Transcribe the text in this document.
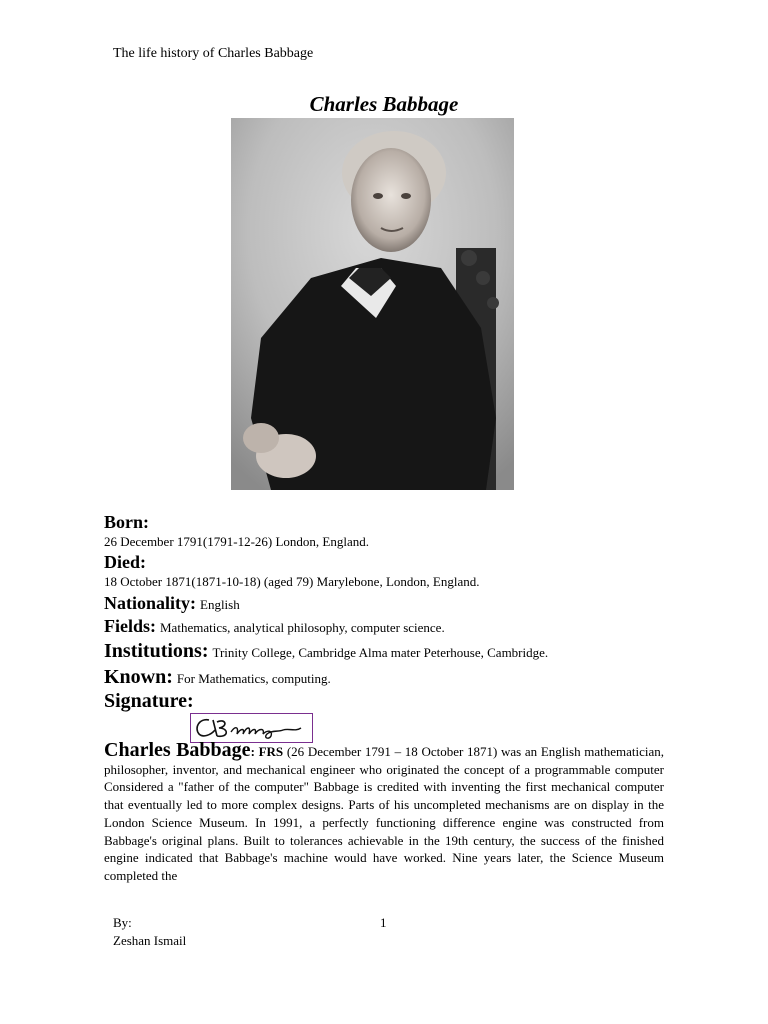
The life history of Charles Babbage
Charles Babbage
Born:
26 December 1791(1791-12-26) London, England.
Died:
18 October 1871(1871-10-18) (aged 79) Marylebone, London, England.
Nationality: English
Fields: Mathematics, analytical philosophy, computer science.
Institutions: Trinity College, Cambridge Alma mater Peterhouse, Cambridge.
Known: For Mathematics, computing.
Signature:
Charles Babbage: FRS (26 December 1791 – 18 October 1871) was an English mathematician, philosopher, inventor, and mechanical engineer who originated the concept of a programmable computer Considered a "father of the computer" Babbage is credited with inventing the first mechanical computer that eventually led to more complex designs. Parts of his uncompleted mechanisms are on display in the London Science Museum. In 1991, a perfectly functioning difference engine was constructed from Babbage's original plans. Built to tolerances achievable in the 19th century, the success of the finished engine indicated that Babbage's machine would have worked. Nine years later, the Science Museum completed the
By:
Zeshan Ismail
1
